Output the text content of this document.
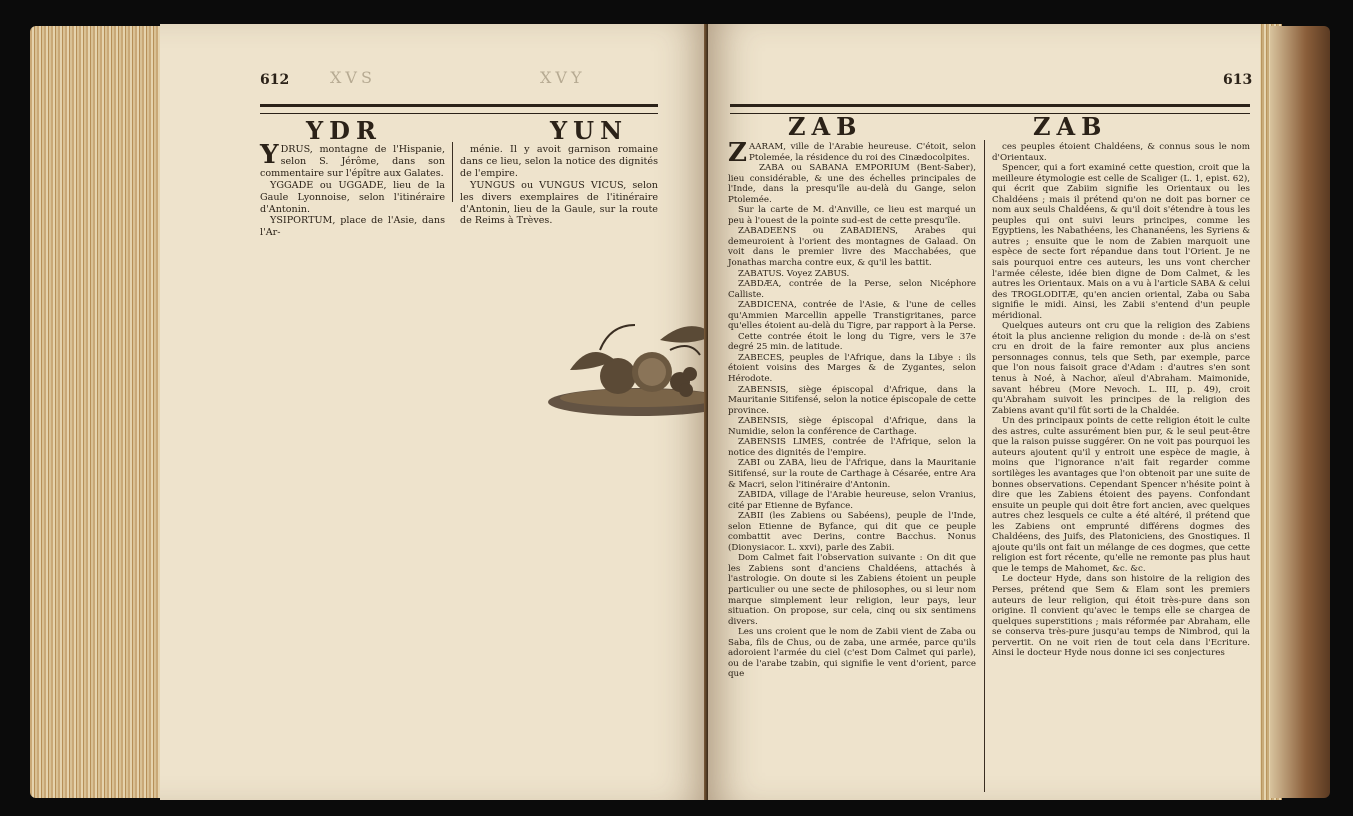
XVS	XVY
612
YDR	YUN
Y DRUS, montagne de l'Hispanie, selon S. Jérôme, dans son commentaire sur l'épître aux Galates.

YGGADE ou UGGADE, lieu de la Gaule Lyonnoise, selon l'itinéraire d'Antonin.

YSIPORTUM, place de l'Asie, dans l'Ar-

ménie. Il y avoit garnison romaine dans ce lieu, selon la notice des dignités de l'empire.

YUNGUS ou VUNGUS VICUS, selon les divers exemplaires de l'itinéraire d'Antonin, lieu de la Gaule, sur la route de Reims à Trèves.

613
ZAB	ZAB
Z AARAM, ville de l'Arabie heureuse. C'étoit, selon Ptolemée, la résidence du roi des Cinædocolpites.

ZABA ou SABANA EMPORIUM (Bent-Saber), lieu considérable, & une des échelles principales de l'Inde, dans la presqu'île au-delà du Gange, selon Ptolemée.

Sur la carte de M. d'Anville, ce lieu est marqué un peu à l'ouest de la pointe sud-est de cette presqu'île.

ZABADEENS ou ZABADIENS, Arabes qui demeuroient à l'orient des montagnes de Galaad. On voit dans le premier livre des Macchabées, que Jonathas marcha contre eux, & qu'il les battit.

ZABATUS. Voyez ZABUS.

ZABDÆA, contrée de la Perse, selon Nicéphore Calliste.

ZABDICENA, contrée de l'Asie, & l'une de celles qu'Ammien Marcellin appelle Transtigritanes, parce qu'elles étoient au-delà du Tigre, par rapport à la Perse.

Cette contrée étoit le long du Tigre, vers le 37e degré 25 min. de latitude.

ZABECES, peuples de l'Afrique, dans la Libye : ils étoient voisins des Marges & de Zygantes, selon Hérodote.

ZABENSIS, siège épiscopal d'Afrique, dans la Mauritanie Sitifensé, selon la notice épiscopale de cette province.

ZABENSIS, siège épiscopal d'Afrique, dans la Numidie, selon la conférence de Carthage.

ZABENSIS LIMES, contrée de l'Afrique, selon la notice des dignités de l'empire.

ZABI ou ZABA, lieu de l'Afrique, dans la Mauritanie Sitifensé, sur la route de Carthage à Césarée, entre Ara & Macri, selon l'itinéraire d'Antonin.

ZABIDA, village de l'Arabie heureuse, selon Vranius, cité par Etienne de Byfance.

ZABII (les Zabiens ou Sabéens), peuple de l'Inde, selon Etienne de Byfance, qui dit que ce peuple combattit avec Derins, contre Bacchus. Nonus (Dionysiacor. L. xxvi), parle des Zabii.

Dom Calmet fait l'observation suivante : On dit que les Zabiens sont d'anciens Chaldéens, attachés à l'astrologie. On doute si les Zabiens étoient un peuple particulier ou une secte de philosophes, ou si leur nom marque simplement leur religion, leur pays, leur situation. On propose, sur cela, cinq ou six sentimens divers.

Les uns croient que le nom de Zabii vient de Zaba ou Saba, fils de Chus, ou de zaba, une armée, parce qu'ils adoroient l'armée du ciel (c'est Dom Calmet qui parle), ou de l'arabe tzabin, qui signifie le vent d'orient, parce que

ces peuples étoient Chaldéens, & connus sous le nom d'Orientaux.

Spencer, qui a fort examiné cette question, croit que la meilleure étymologie est celle de Scaliger (L. 1, epist. 62), qui écrit que Zabiim signifie les Orientaux ou les Chaldéens ; mais il prétend qu'on ne doit pas borner ce nom aux seuls Chaldéens, & qu'il doit s'étendre à tous les peuples qui ont suivi leurs principes, comme les Egyptiens, les Nabathéens, les Chananéens, les Syriens & autres ; ensuite que le nom de Zabien marquoit une espèce de secte fort répandue dans tout l'Orient. Je ne sais pourquoi entre ces auteurs, les uns vont chercher l'armée céleste, idée bien digne de Dom Calmet, & les autres les Orientaux. Mais on a vu à l'article SABA & celui des TROGLODITÆ, qu'en ancien oriental, Zaba ou Saba signifie le midi. Ainsi, les Zabii s'entend d'un peuple méridional.

Quelques auteurs ont cru que la religion des Zabiens étoit la plus ancienne religion du monde : de-là on s'est cru en droit de la faire remonter aux plus anciens personnages connus, tels que Seth, par exemple, parce que l'on nous faisoit grace d'Adam : d'autres s'en sont tenus à Noé, à Nachor, aïeul d'Abraham. Maimonide, savant hébreu (More Nevoch. L. III, p. 49), croit qu'Abraham suivoit les principes de la religion des Zabiens avant qu'il fût sorti de la Chaldée.

Un des principaux points de cette religion étoit le culte des astres, culte assurément bien pur, & le seul peut-être que la raison puisse suggérer. On ne voit pas pourquoi les auteurs ajoutent qu'il y entroit une espèce de magie, à moins que l'ignorance n'ait fait regarder comme sortilèges les avantages que l'on obtenoit par une suite de bonnes observations. Cependant Spencer n'hésite point à dire que les Zabiens étoient des payens. Confondant ensuite un peuple qui doit être fort ancien, avec quelques autres chez lesquels ce culte a été altéré, il prétend que les Zabiens ont emprunté différens dogmes des Chaldéens, des Juifs, des Platoniciens, des Gnostiques. Il ajoute qu'ils ont fait un mélange de ces dogmes, que cette religion est fort récente, qu'elle ne remonte pas plus haut que le temps de Mahomet, &c. &c.

Le docteur Hyde, dans son histoire de la religion des Perses, prétend que Sem & Elam sont les premiers auteurs de leur religion, qui étoit très-pure dans son origine. Il convient qu'avec le temps elle se chargea de quelques superstitions ; mais réformée par Abraham, elle se conserva très-pure jusqu'au temps de Nimbrod, qui la pervertit. On ne voit rien de tout cela dans l'Ecriture. Ainsi le docteur Hyde nous donne ici ses conjectures
